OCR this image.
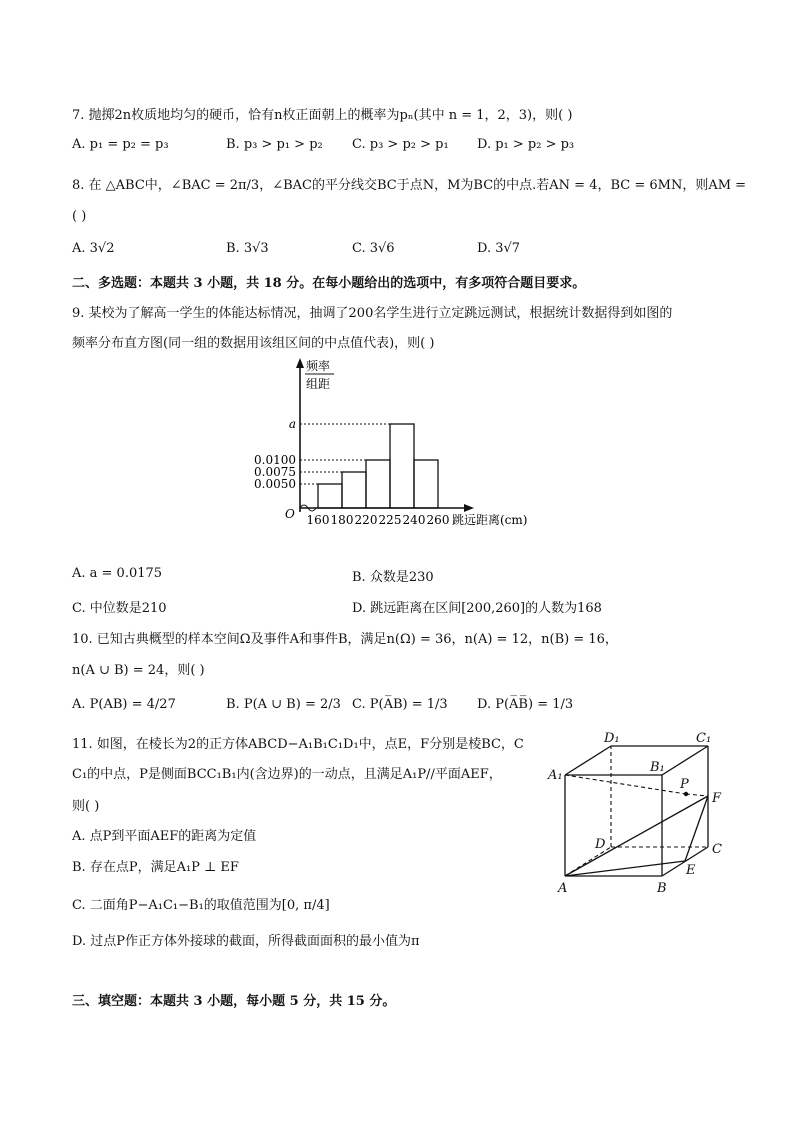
7. 抛掷2n枚质地均匀的硬币，恰有n枚正面朝上的概率为pₙ(其中 n = 1，2，3)，则( )
A. p₁ = p₂ = p₃	B. p₃ > p₁ > p₂ C. p₃ > p₂ > p₁ D. p₁ > p₂ > p₃
8. 在 △ABC中，∠BAC = 2π/3，∠BAC的平分线交BC于点N，M为BC的中点.若AN = 4，BC = 6MN，则AM =
( )
A. 3√2	B. 3√3	C. 3√6	D. 3√7
二、多选题：本题共 3 小题，共 18 分。在每小题给出的选项中，有多项符合题目要求。
9. 某校为了解高一学生的体能达标情况，抽调了200名学生进行立定跳远测试，根据统计数据得到如图的
频率分布直方图(同一组的数据用该组区间的中点值代表)，则( )
频率
组距
O	跳远距离(cm)
a
0.0100
0.0075
0.0050
160 180 220 225 240 260
A. a = 0.0175	B. 众数是230
C. 中位数是210	D. 跳远距离在区间[200,260]的人数为168
10. 已知古典概型的样本空间Ω及事件A和事件B，满足n(Ω) = 36，n(A) = 12，n(B) = 16，
n(A ∪ B) = 24，则( )
A. P(AB) = 4/27	B. P(A ∪ B) = 2/3 C. P(A̅B) = 1/3 D. P(A̅B̅) = 1/3
11. 如图，在棱长为2的正方体ABCD−A₁B₁C₁D₁中，点E，F分别是棱BC，C
C₁的中点，P是侧面BCC₁B₁内(含边界)的一动点，且满足A₁P//平面AEF，
则( )
A. 点P到平面AEF的距离为定值
B. 存在点P，满足A₁P ⊥ EF
C. 二面角P−A₁C₁−B₁的取值范围为[0, π/4]
D. 过点P作正方体外接球的截面，所得截面面积的最小值为π
D₁	C₁
A₁
B₁
P
F
D	C
E
A	B
三、填空题：本题共 3 小题，每小题 5 分，共 15 分。
